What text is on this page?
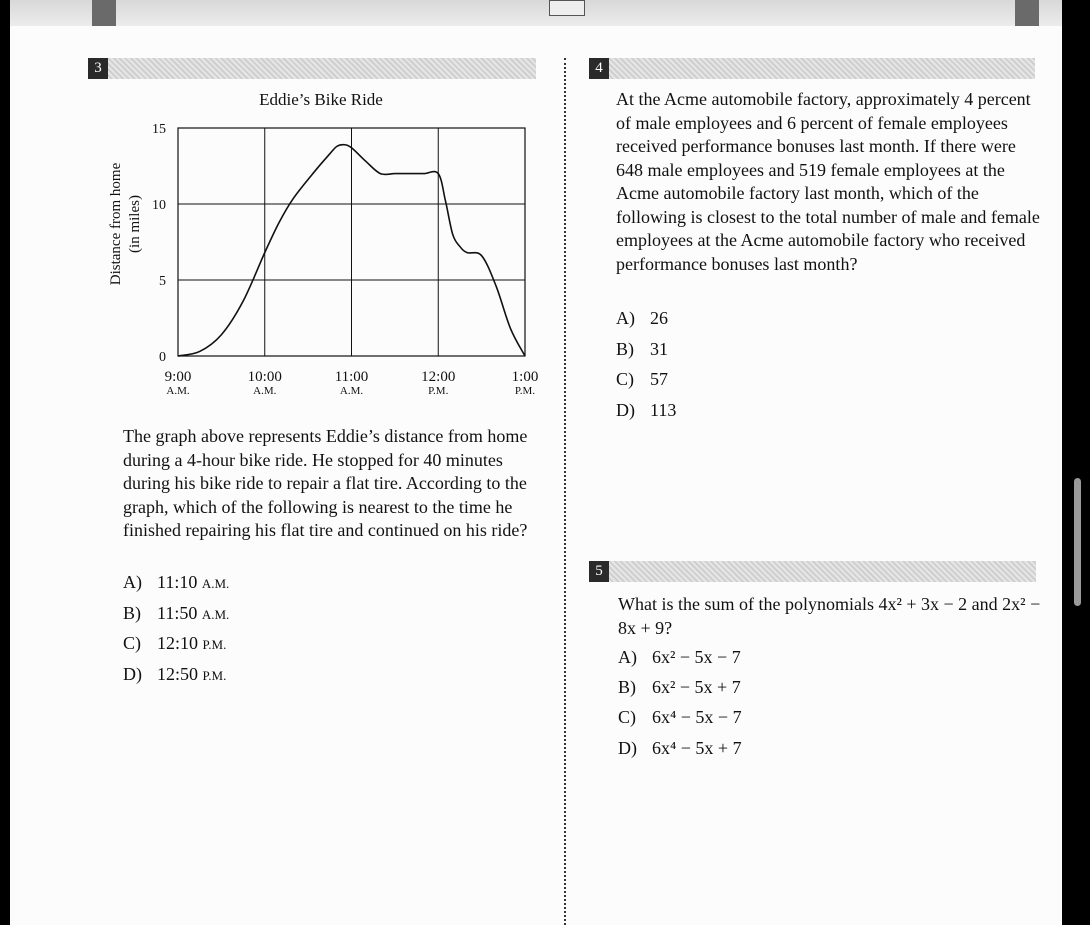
3	4
Eddie’s Bike Ride
Distance from home (in miles)
0
5
10
15
9:00
A.M.
10:00
A.M.
11:00
A.M.
12:00
P.M.
1:00
P.M.
The graph above represents Eddie’s distance from home during a 4-hour bike ride. He stopped for 40 minutes during his bike ride to repair a flat tire. According to the graph, which of the following is nearest to the time he finished repairing his flat tire and continued on his ride?
A) 11:10 A.M.
B) 11:50 A.M.
C) 12:10 P.M.
D) 12:50 P.M.
At the Acme automobile factory, approximately 4 percent of male employees and 6 percent of female employees received performance bonuses last month. If there were 648 male employees and 519 female employees at the Acme automobile factory last month, which of the following is closest to the total number of male and female employees at the Acme automobile factory who received performance bonuses last month?
A) 26
B) 31
C) 57
D) 113
5
What is the sum of the polynomials 4x² + 3x − 2 and 2x² − 8x + 9?
A) 6x² − 5x − 7
B) 6x² − 5x + 7
C) 6x⁴ − 5x − 7
D) 6x⁴ − 5x + 7
